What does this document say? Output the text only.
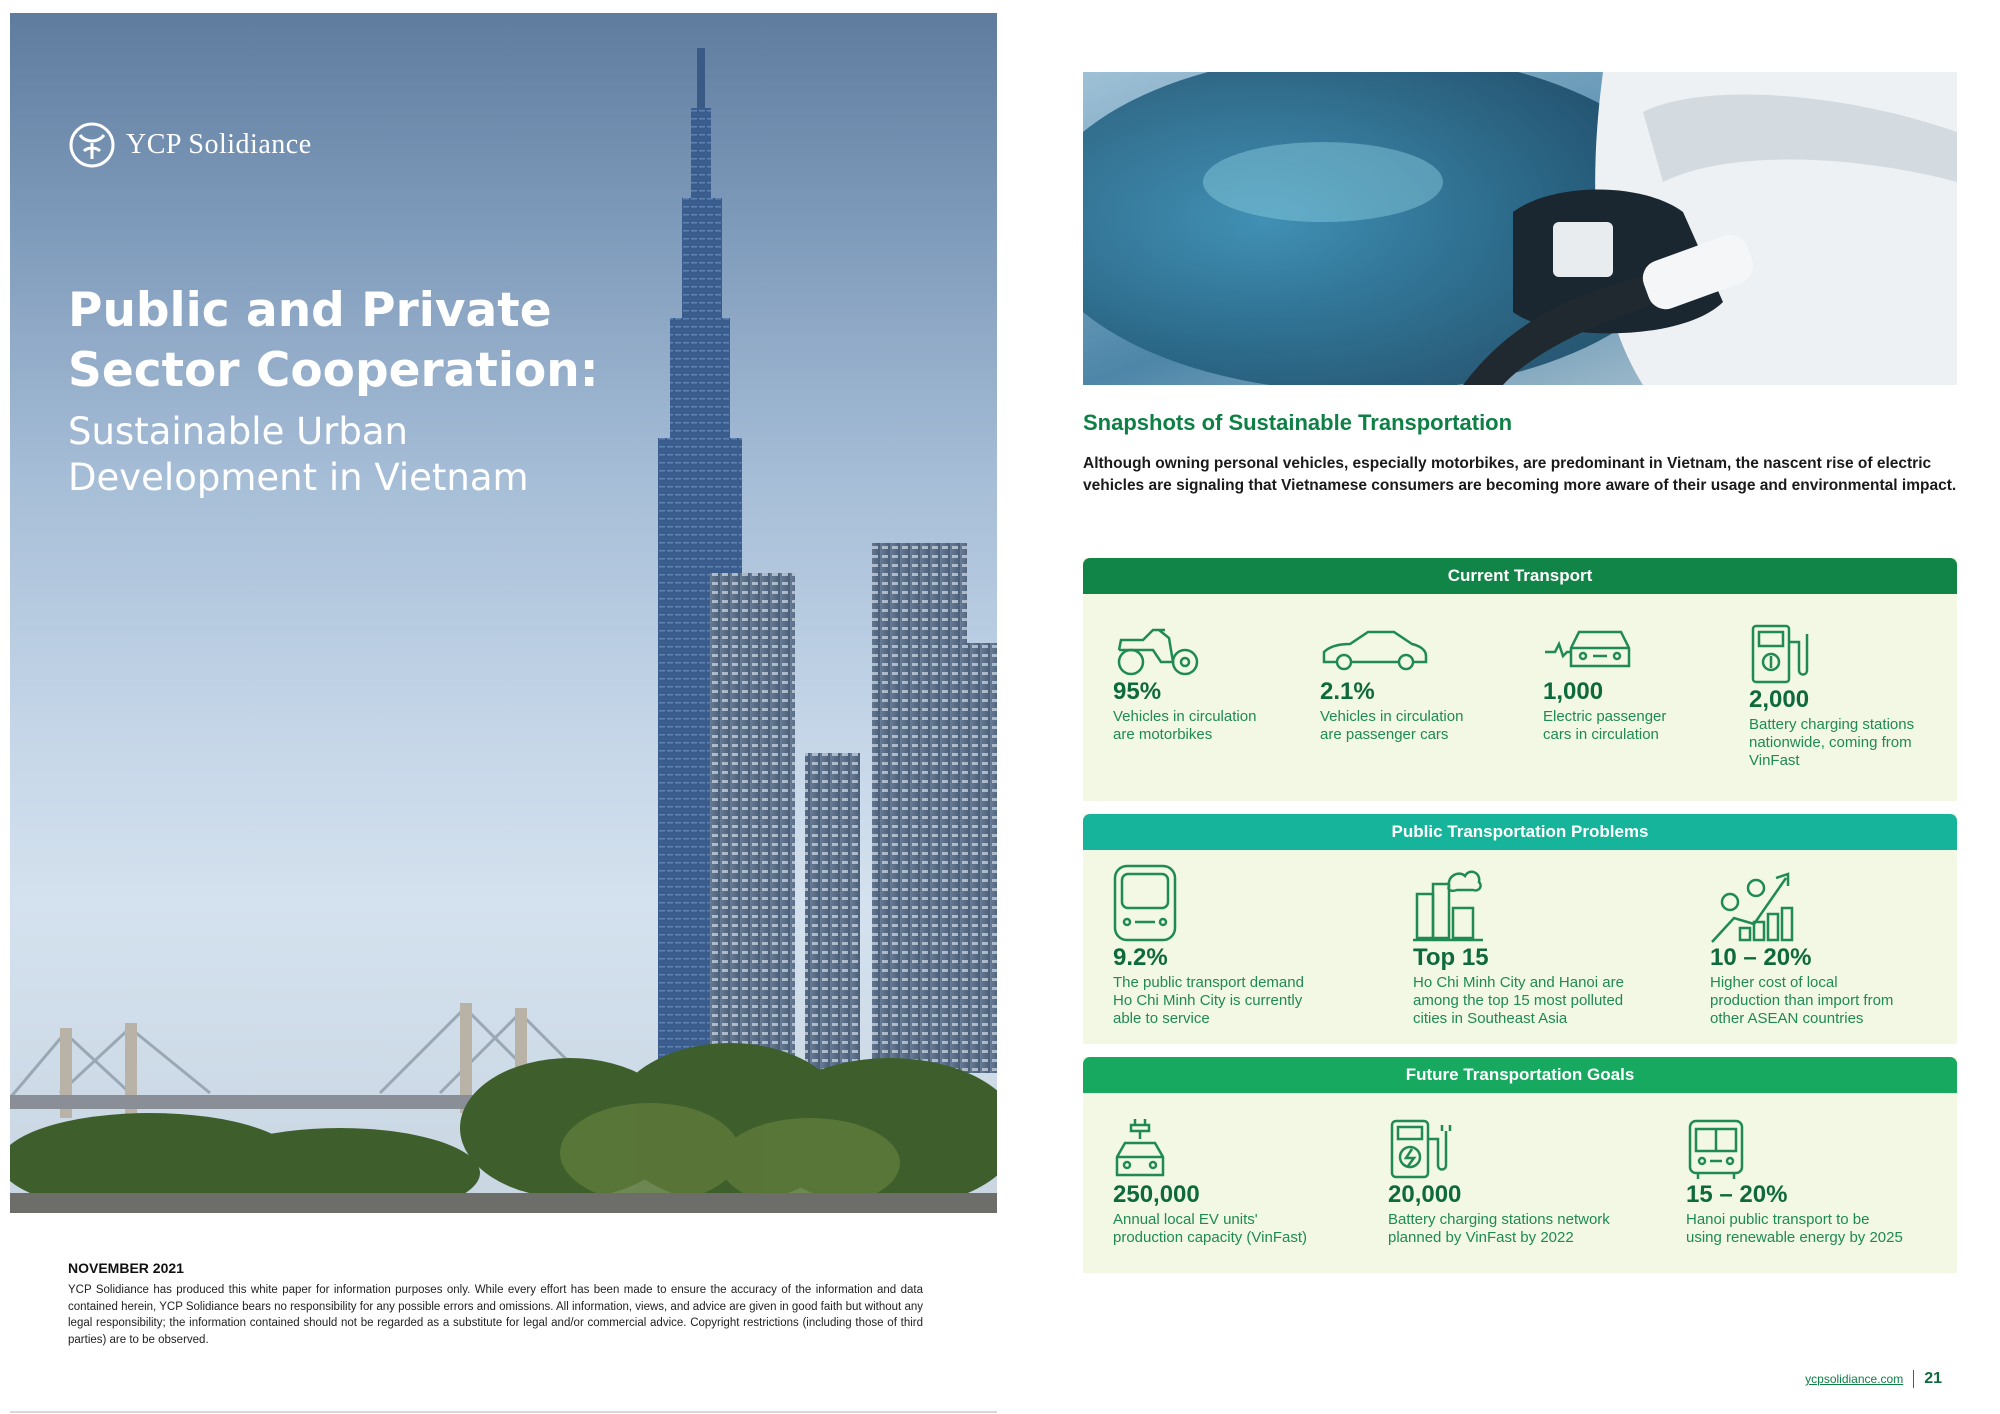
YCP Solidiance
Public and Private
Sector Cooperation:
Sustainable Urban
Development in Vietnam
NOVEMBER 2021
YCP Solidiance has produced this white paper for information purposes only. While every effort has been made to ensure the accuracy of the information and data contained herein, YCP Solidiance bears no responsibility for any possible errors and omissions. All information, views, and advice are given in good faith but without any legal responsibility; the information contained should not be regarded as a substitute for legal and/or commercial advice. Copyright restrictions (including those of third parties) are to be observed.
Snapshots of Sustainable Transportation
Although owning personal vehicles, especially motorbikes, are predominant in Vietnam, the nascent rise of electric vehicles are signaling that Vietnamese consumers are becoming more aware of their usage and environmental impact.
Current Transport
95%
Vehicles in circulation
are motorbikes
2.1%
Vehicles in circulation
are passenger cars
1,000
Electric passenger
cars in circulation
2,000
Battery charging stations
nationwide, coming from
VinFast
Public Transportation Problems
9.2%
The public transport demand
Ho Chi Minh City is currently
able to service
Top 15
Ho Chi Minh City and Hanoi are
among the top 15 most polluted
cities in Southeast Asia
10 – 20%
Higher cost of local
production than import from
other ASEAN countries
Future Transportation Goals
250,000
Annual local EV units'
production capacity (VinFast)
20,000
Battery charging stations network
planned by VinFast by 2022
15 – 20%
Hanoi public transport to be
using renewable energy by 2025
ycpsolidiance.com 21
